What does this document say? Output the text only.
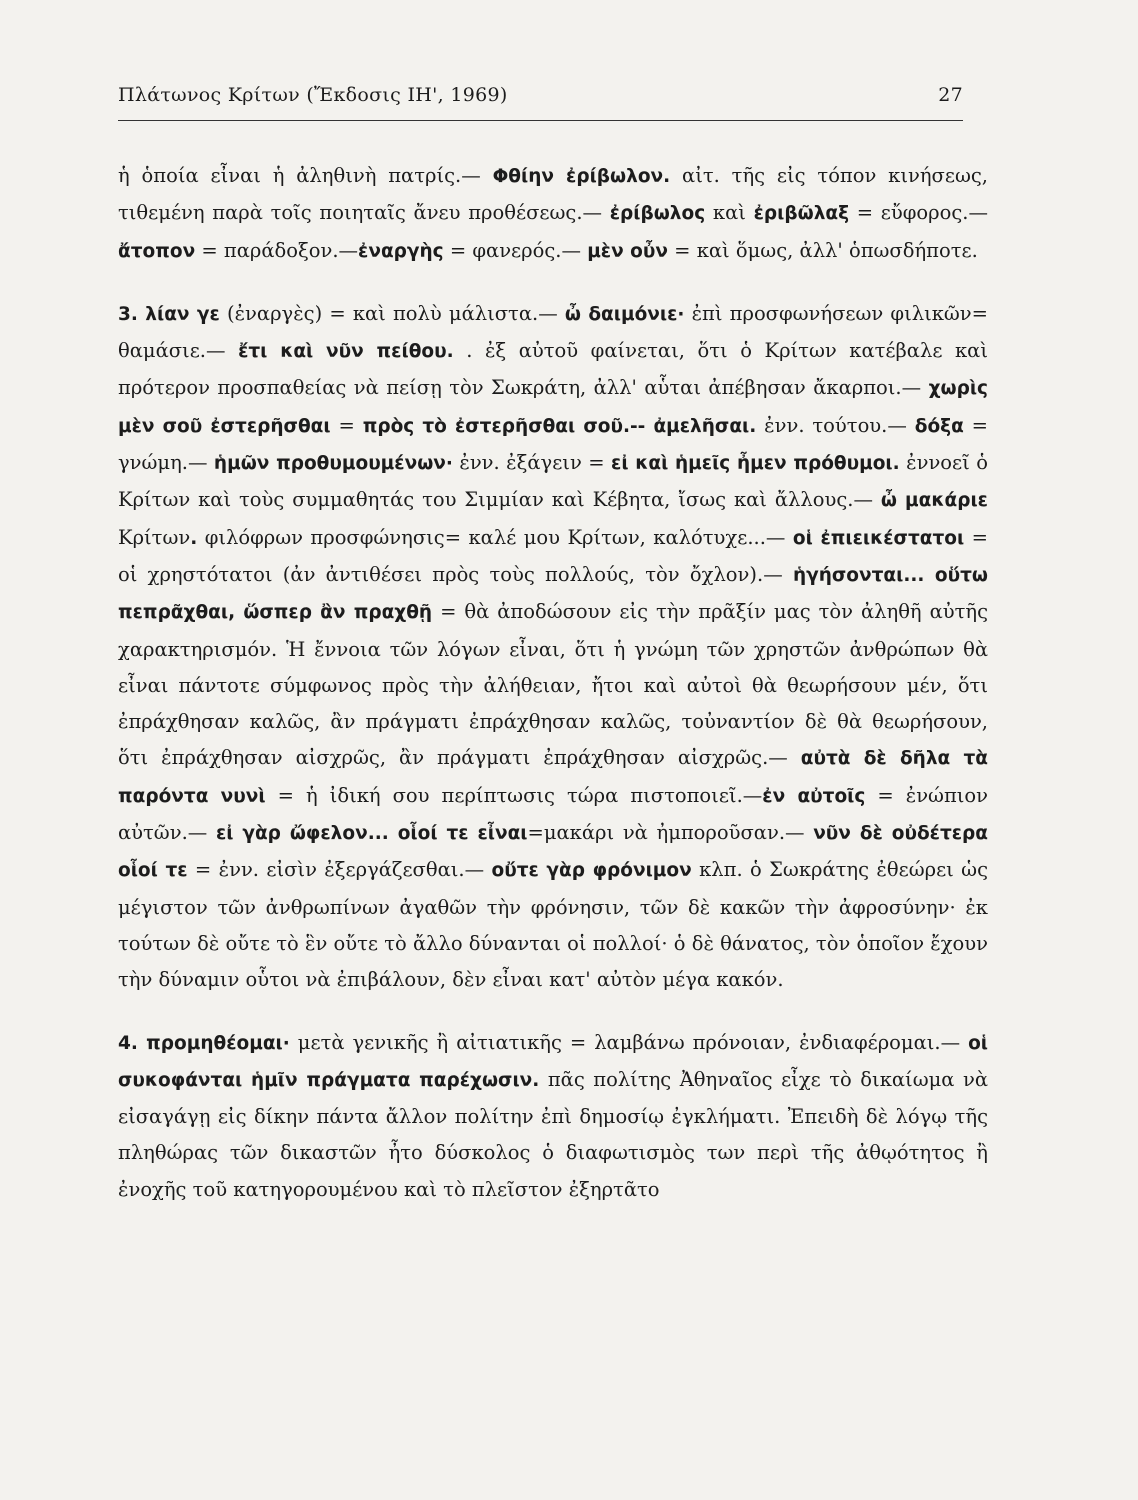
Πλάτωνος Κρίτων (Ἔκδοσις ΙΗ', 1969)	27

ἡ ὁποία εἶναι ἡ ἀληθινὴ πατρίς.— Φθίην ἐρίβωλον. αἰτ. τῆς εἰς τόπον κινήσεως, τιθεμένη παρὰ τοῖς ποιηταῖς ἄνευ προθέσεως.— ἐρίβωλος καὶ ἐριβῶλαξ = εὔφορος.— ἄτοπον = παράδοξον.—ἐναργὴς = φανερός.— μὲν οὖν = καὶ ὅμως, ἀλλ' ὁπωσδήποτε.

3. λίαν γε (ἐναργὲς) = καὶ πολὺ μάλιστα.— ὦ δαιμόνιε· ἐπὶ προσφωνήσεων φιλικῶν= θαμάσιε.— ἔτι καὶ νῦν πείθου. . ἐξ αὐτοῦ φαίνεται, ὅτι ὁ Κρίτων κατέβαλε καὶ πρότερον προσπαθείας νὰ πείσῃ τὸν Σωκράτη, ἀλλ' αὗται ἀπέβησαν ἄκαρποι.— χωρὶς μὲν σοῦ ἐστερῆσθαι = πρὸς τὸ ἐστερῆσθαι σοῦ.-- ἀμελῆσαι. ἐνν. τούτου.— δόξα = γνώμη.— ἡμῶν προθυμουμένων· ἐνν. ἐξάγειν = εἰ καὶ ἡμεῖς ἦμεν πρόθυμοι. ἐννοεῖ ὁ Κρίτων καὶ τοὺς συμμαθητάς του Σιμμίαν καὶ Κέβητα, ἴσως καὶ ἄλλους.— ὦ μακάριε Κρίτων. φιλόφρων προσφώνησις= καλέ μου Κρίτων, καλότυχε...— οἱ ἐπιεικέστατοι = οἱ χρηστότατοι (ἀν ἀντιθέσει πρὸς τοὺς πολλούς, τὸν ὄχλον).— ἡγήσονται... οὕτω πεπρᾶχθαι, ὥσπερ ἂν πραχθῇ = θὰ ἀποδώσουν εἰς τὴν πρᾶξίν μας τὸν ἀληθῆ αὐτῆς χαρακτηρισμόν. Ἡ ἔννοια τῶν λόγων εἶναι, ὅτι ἡ γνώμη τῶν χρηστῶν ἀνθρώπων θὰ εἶναι πάντοτε σύμφωνος πρὸς τὴν ἀλήθειαν, ἤτοι καὶ αὐτοὶ θὰ θεωρήσουν μέν, ὅτι ἐπράχθησαν καλῶς, ἂν πράγματι ἐπράχθησαν καλῶς, τοὐναντίον δὲ θὰ θεωρήσουν, ὅτι ἐπράχθησαν αἰσχρῶς, ἂν πράγματι ἐπράχθησαν αἰσχρῶς.— αὐτὰ δὲ δῆλα τὰ παρόντα νυνὶ = ἡ ἰδική σου περίπτωσις τώρα πιστοποιεῖ.—ἐν αὐτοῖς = ἐνώπιον αὐτῶν.— εἰ γὰρ ὤφελον... οἷοί τε εἶναι=μακάρι νὰ ἠμποροῦσαν.— νῦν δὲ οὐδέτερα οἷοί τε = ἐνν. εἰσὶν ἐξεργάζεσθαι.— οὔτε γὰρ φρόνιμον κλπ. ὁ Σωκράτης ἐθεώρει ὡς μέγιστον τῶν ἀνθρωπίνων ἀγαθῶν τὴν φρόνησιν, τῶν δὲ κακῶν τὴν ἀφροσύνην· ἐκ τούτων δὲ οὔτε τὸ ἓν οὔτε τὸ ἄλλο δύνανται οἱ πολλοί· ὁ δὲ θάνατος, τὸν ὁποῖον ἔχουν τὴν δύναμιν οὗτοι νὰ ἐπιβάλουν, δὲν εἶναι κατ' αὐτὸν μέγα κακόν.

4. προμηθέομαι· μετὰ γενικῆς ἢ αἰτιατικῆς = λαμβάνω πρόνοιαν, ἐνδιαφέρομαι.— οἱ συκοφάνται ἡμῖν πράγματα παρέχωσιν. πᾶς πολίτης Ἀθηναῖος εἶχε τὸ δικαίωμα νὰ εἰσαγάγῃ εἰς δίκην πάντα ἄλλον πολίτην ἐπὶ δημοσίῳ ἐγκλήματι. Ἐπειδὴ δὲ λόγῳ τῆς πληθώρας τῶν δικαστῶν ἦτο δύσκολος ὁ διαφωτισμὸς των περὶ τῆς ἀθῳότητος ἢ ἐνοχῆς τοῦ κατηγορουμένου καὶ τὸ πλεῖστον ἐξηρτᾶτο
